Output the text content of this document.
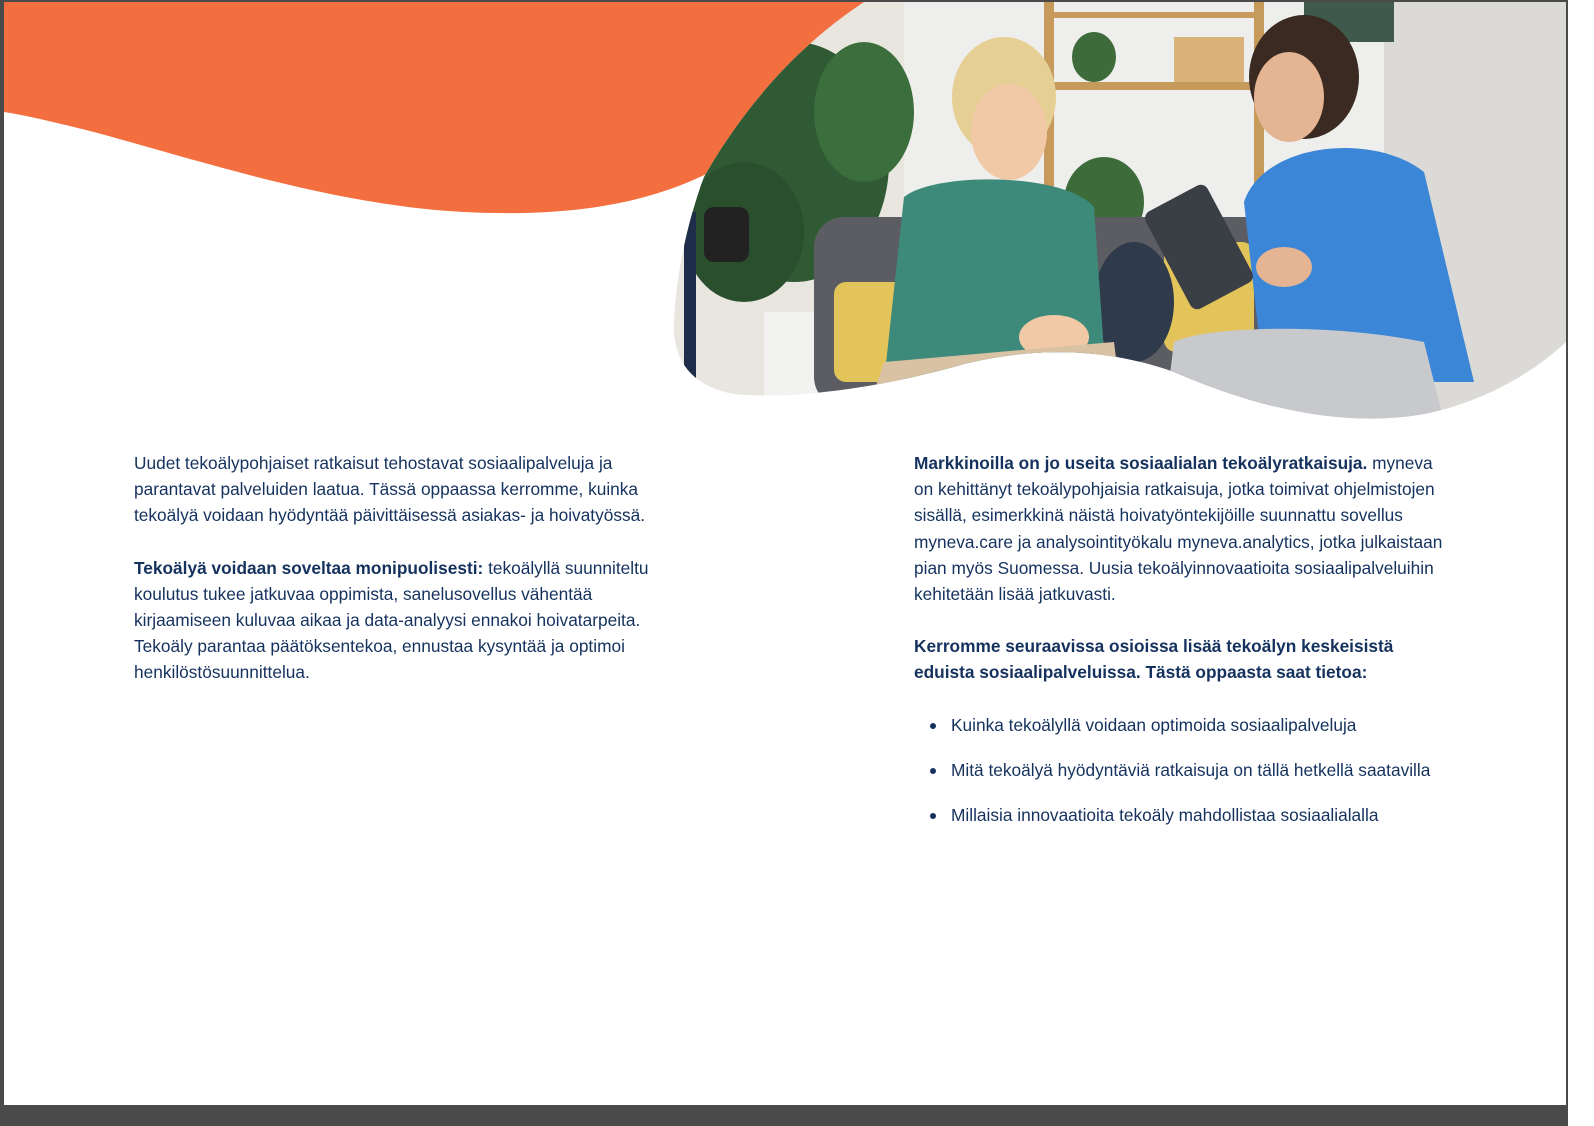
Uudet tekoälypohjaiset ratkaisut tehostavat sosiaalipalveluja ja parantavat palveluiden laatua. Tässä oppaassa kerromme, kuinka tekoälyä voidaan hyödyntää päivittäisessä asiakas- ja hoivatyössä.

Tekoälyä voidaan soveltaa monipuolisesti: tekoälyllä suunniteltu koulutus tukee jatkuvaa oppimista, sanelusovellus vähentää kirjaamiseen kuluvaa aikaa ja data-analyysi ennakoi hoivatarpeita. Tekoäly parantaa päätöksentekoa, ennustaa kysyntää ja optimoi henkilöstösuunnittelua.

Markkinoilla on jo useita sosiaalialan tekoälyratkaisuja. myneva on kehittänyt tekoälypohjaisia ratkaisuja, jotka toimivat ohjelmistojen sisällä, esimerkkinä näistä hoivatyöntekijöille suunnattu sovellus myneva.care ja analysointityökalu myneva.analytics, jotka julkaistaan pian myös Suomessa. Uusia tekoälyinnovaatioita sosiaalipalveluihin kehitetään lisää jatkuvasti.

Kerromme seuraavissa osioissa lisää tekoälyn keskeisistä eduista sosiaalipalveluissa. Tästä oppaasta saat tietoa:

Kuinka tekoälyllä voidaan optimoida sosiaalipalveluja
Mitä tekoälyä hyödyntäviä ratkaisuja on tällä hetkellä saatavilla
Millaisia innovaatioita tekoäly mahdollistaa sosiaalialalla
